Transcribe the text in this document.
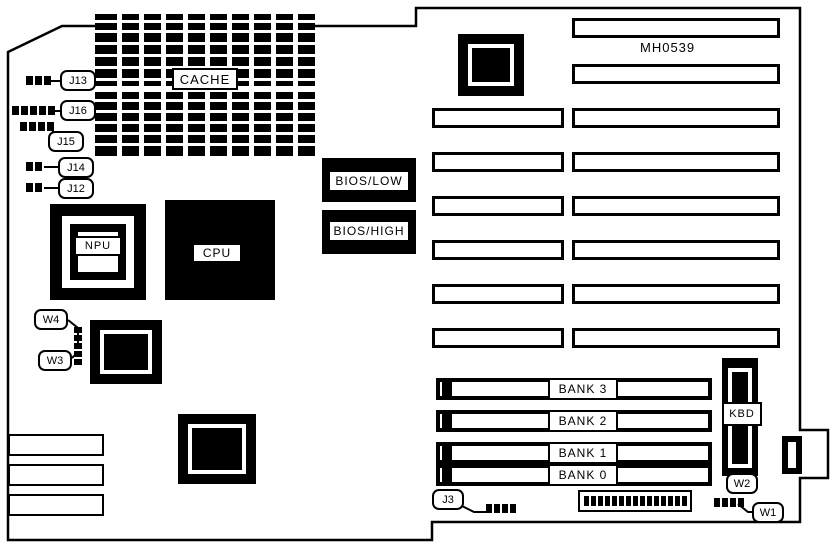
CACHE
J13
J16
J15
J14
J12
NPU	CPU
BIOS/LOW
BIOS/HIGH
W4
W3
MH0539
BANK 3
BANK 2
BANK 1
BANK 0
KBD
J3
W2
W1
